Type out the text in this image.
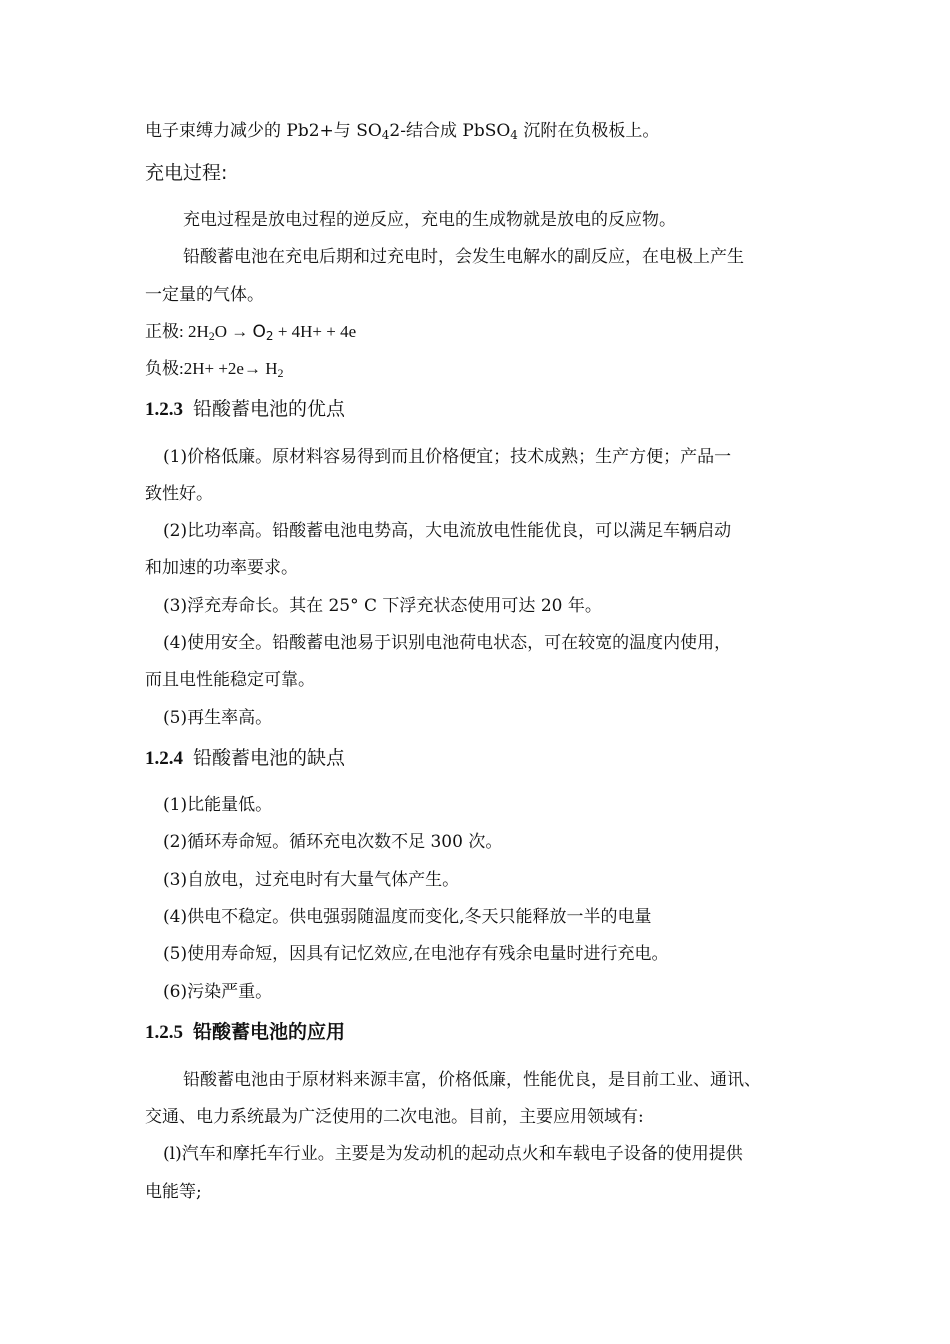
电子束缚力减少的 Pb2+与 $SO_42-$结合成 PbSO$_4$ 沉附在负极板上。
充电过程:
充电过程是放电过程的逆反应，充电的生成物就是放电的反应物。
铅酸蓄电池在充电后期和过充电时，会发生电解水的副反应，在电极上产生
一定量的气体。
正极: $2H_2O \to O_2 + 4H+ + 4e$
负极:2H+ $+2e\to H_2$
1.2.3 铅酸蓄电池的优点
(1)价格低廉。原材料容易得到而且价格便宜；技术成熟；生产方便；产品一
致性好。
(2)比功率高。铅酸蓄电池电势高，大电流放电性能优良，可以满足车辆启动
和加速的功率要求。
(3)浮充寿命长。其在 25° C 下浮充状态使用可达 20 年。
(4)使用安全。铅酸蓄电池易于识别电池荷电状态，可在较宽的温度内使用，
而且电性能稳定可靠。
(5)再生率高。
1.2.4 铅酸蓄电池的缺点
(1)比能量低。
(2)循环寿命短。循环充电次数不足 300 次。
(3)自放电，过充电时有大量气体产生。
(4)供电不稳定。供电强弱随温度而变化,冬天只能释放一半的电量
(5)使用寿命短，因具有记忆效应,在电池存有残余电量时进行充电。
(6)污染严重。
1.2.5 铅酸蓄电池的应用
铅酸蓄电池由于原材料来源丰富，价格低廉，性能优良，是目前工业、通讯、
交通、电力系统最为广泛使用的二次电池。目前，主要应用领域有:
(l)汽车和摩托车行业。主要是为发动机的起动点火和车载电子设备的使用提供
电能等;
